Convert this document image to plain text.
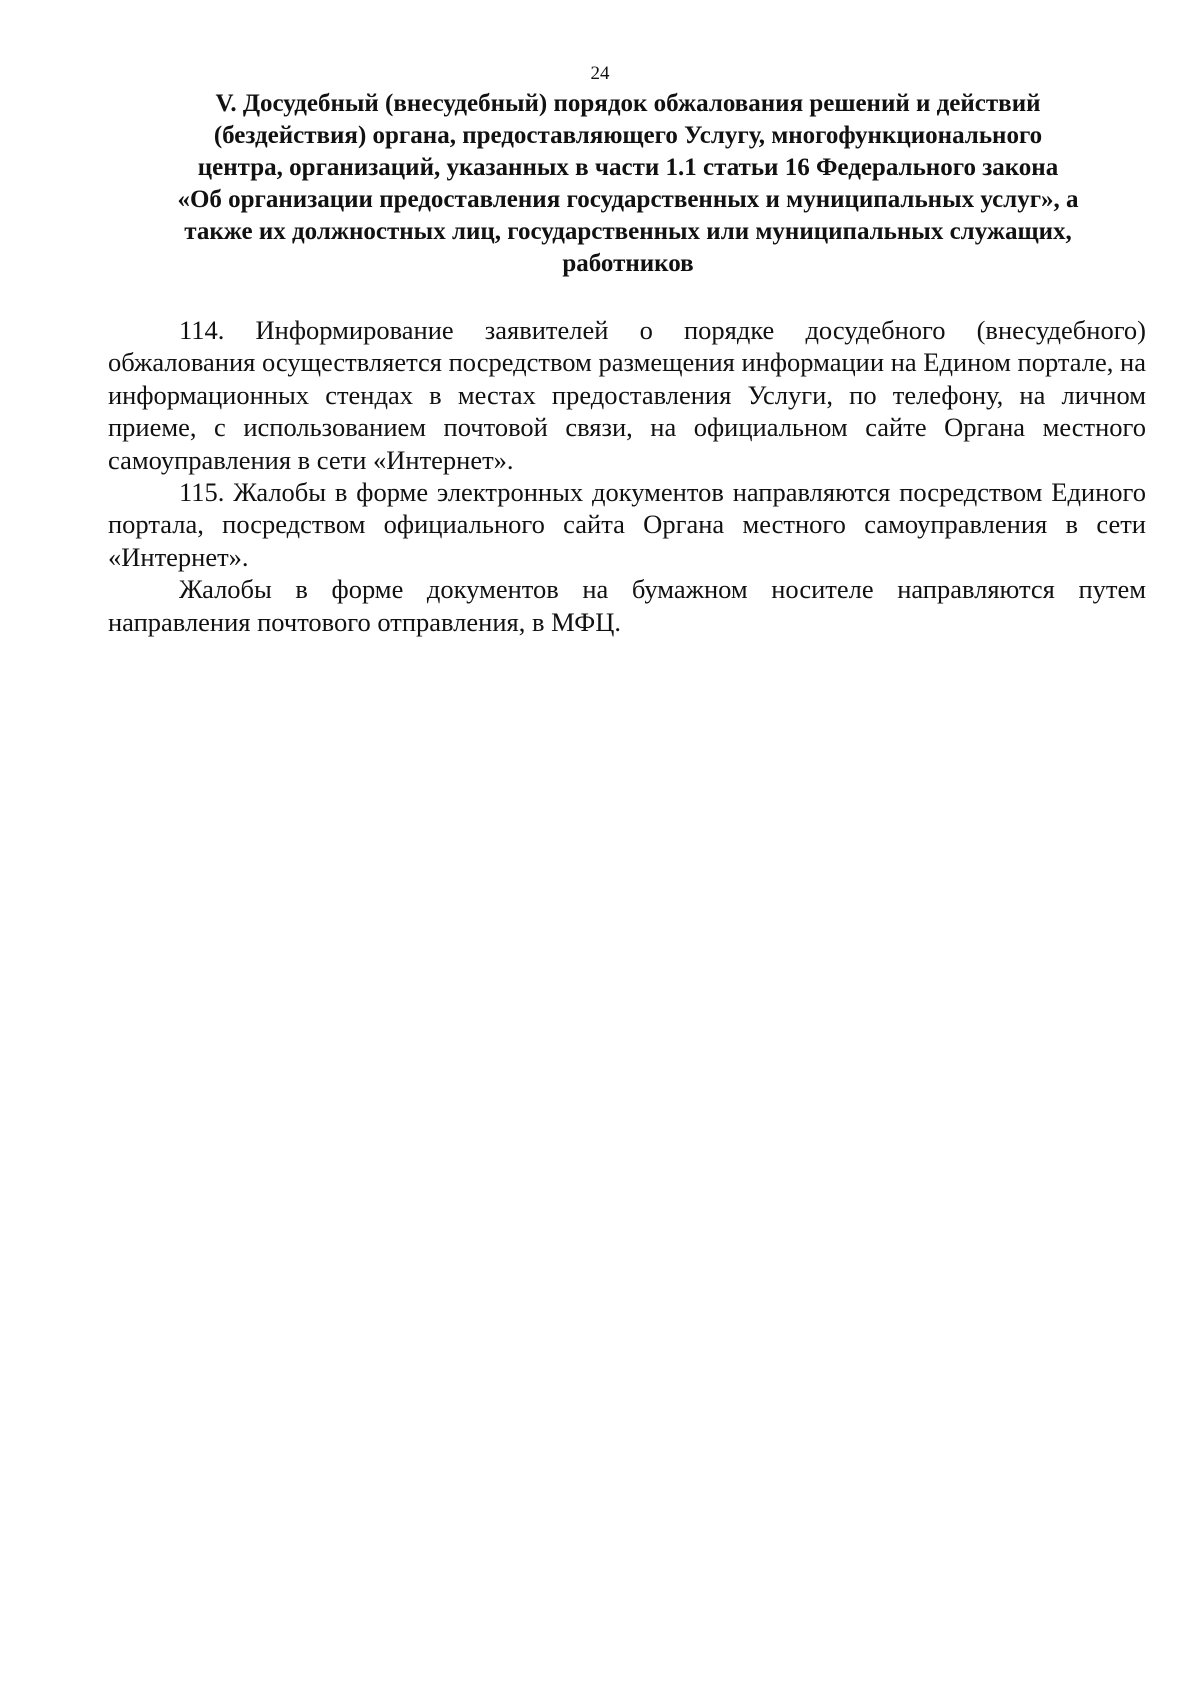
24
V. Досудебный (внесудебный) порядок обжалования решений и действий
(бездействия) органа, предоставляющего Услугу, многофункционального
центра, организаций, указанных в части 1.1 статьи 16 Федерального закона
«Об организации предоставления государственных и муниципальных услуг», а
также их должностных лиц, государственных или муниципальных служащих,
работников

114. Информирование заявителей о порядке досудебного (внесудебного) обжалования осуществляется посредством размещения информации на Едином портале, на информационных стендах в местах предоставления Услуги, по телефону, на личном приеме, с использованием почтовой связи, на официальном сайте Органа местного самоуправления в сети «Интернет».

115. Жалобы в форме электронных документов направляются посредством Единого портала, посредством официального сайта Органа местного самоуправления в сети «Интернет».

Жалобы в форме документов на бумажном носителе направляются путем направления почтового отправления, в МФЦ.
